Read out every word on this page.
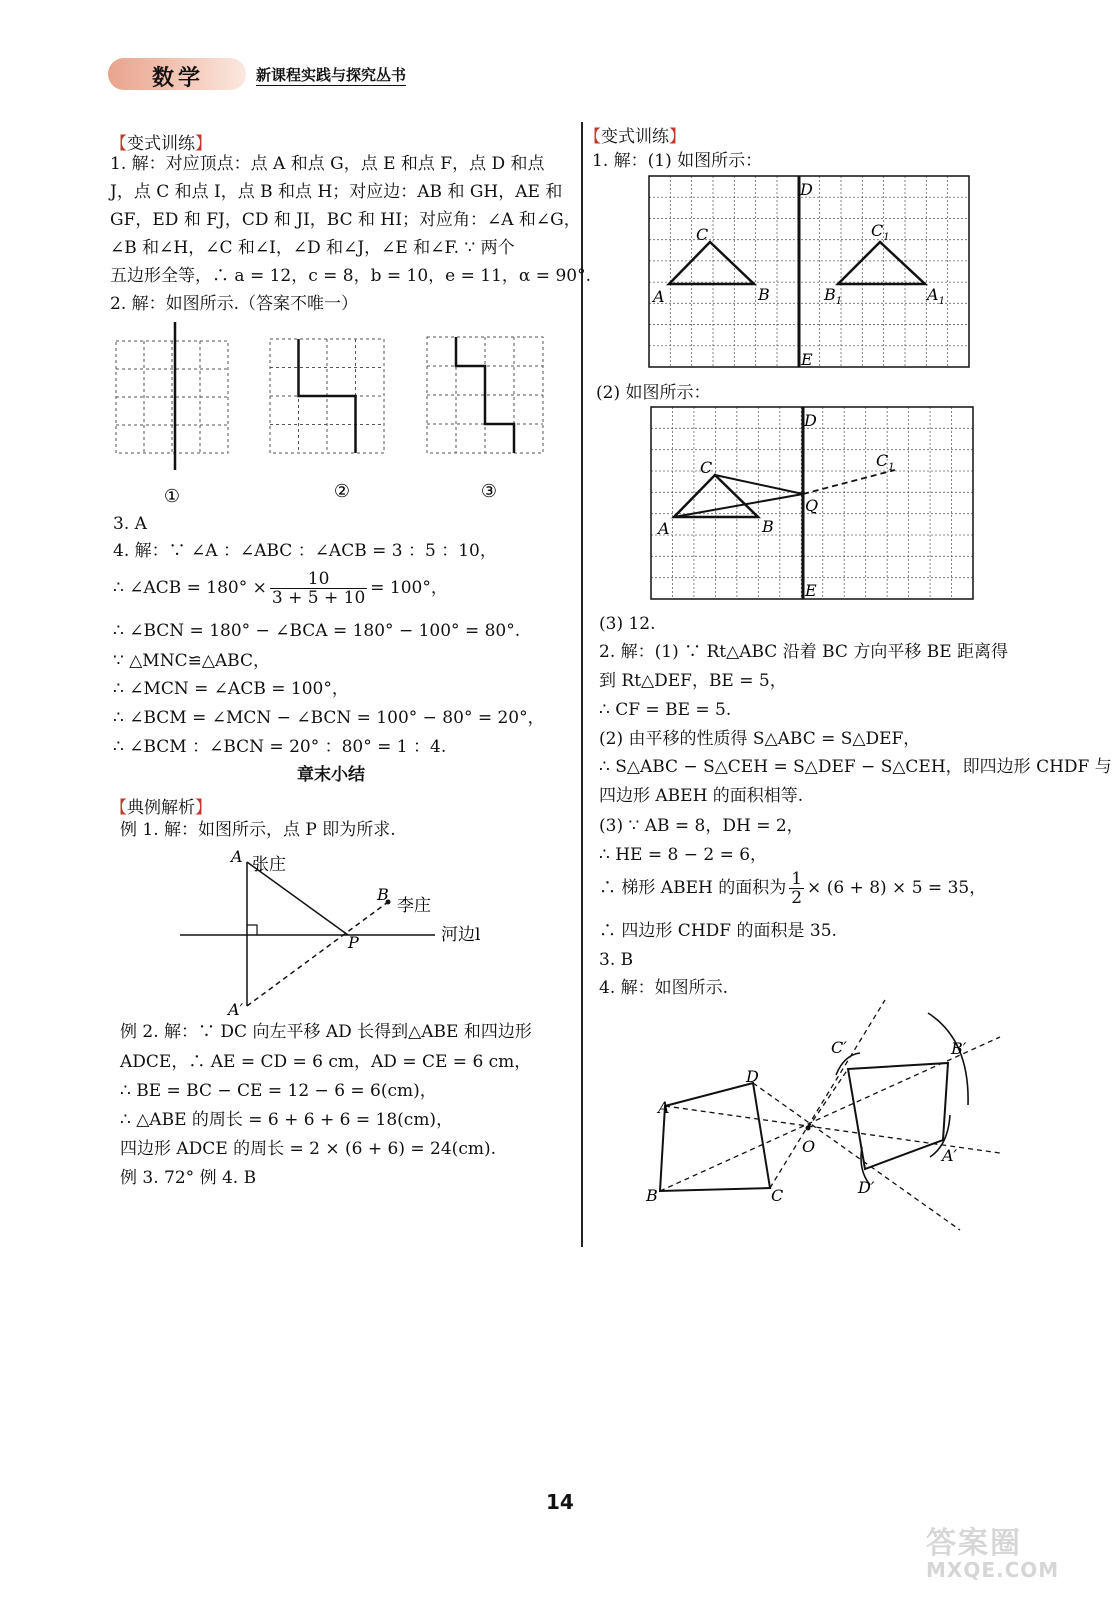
数学	新课程实践与探究丛书
【变式训练】
1. 解：对应顶点：点 A 和点 G，点 E 和点 F，点 D 和点
J，点 C 和点 I，点 B 和点 H；对应边：AB 和 GH，AE 和
GF，ED 和 FJ，CD 和 JI，BC 和 HI；对应角：∠A 和∠G，
∠B 和∠H，∠C 和∠I，∠D 和∠J，∠E 和∠F. ∵ 两个
五边形全等，∴ a = 12，c = 8，b = 10，e = 11，α = 90°.
2. 解：如图所示.（答案不唯一）
①	②	③
3. A
4. 解：∵ ∠A ：∠ABC ：∠ACB = 3 ：5 ：10，
∴ ∠ACB = $180^\circ \times \frac{10}{3 + 5 + 10} = 100^\circ$，
∴ ∠BCN = 180° − ∠BCA = 180° − 100° = 80°.
∵ △MNC≌△ABC，
∴ ∠MCN = ∠ACB = 100°，
∴ ∠BCM = ∠MCN − ∠BCN = 100° − 80° = 20°，
∴ ∠BCM ：∠BCN = 20° ：80° = 1 ：4.
章末小结
【典例解析】
例 1. 解：如图所示，点 P 即为所求.
A 张庄
B
李庄
河边l
P
A′
例 2. 解：∵ DC 向左平移 AD 长得到△ABE 和四边形
ADCE，∴ AE = CD = 6 cm，AD = CE = 6 cm，
∴ BE = BC − CE = 12 − 6 = 6(cm)，
∴ △ABE 的周长 = 6 + 6 + 6 = 18(cm)，
四边形 ADCE 的周长 = 2 × (6 + 6) = 24(cm).
例 3. 72° 例 4. B
【变式训练】
1. 解：(1) 如图所示：
D
E
C
A	B
$C_1$
$B_1$	$A_1$
(2) 如图所示：
D
E
C
A	B
Q
$C_1$
(3) 12.
2. 解：(1) ∵ Rt△ABC 沿着 BC 方向平移 BE 距离得
到 Rt△DEF，BE = 5，
∴ CF = BE = 5.
(2) 由平移的性质得 S△ABC = S△DEF，
∴ S△ABC − S△CEH = S△DEF − S△CEH，即四边形 CHDF 与
四边形 ABEH 的面积相等.
(3) ∵ AB = 8，DH = 2，
∴ HE = 8 − 2 = 6，
∴ 梯形 ABEH 的面积为 $\frac{1}{2} \times (6 + 8) \times 5 = 35$，
∴ 四边形 CHDF 的面积是 35.
3. B
4. 解：如图所示.
A
D
B	C
O
C′	B′
A′
D′
14
答案圈
MXQE.COM
